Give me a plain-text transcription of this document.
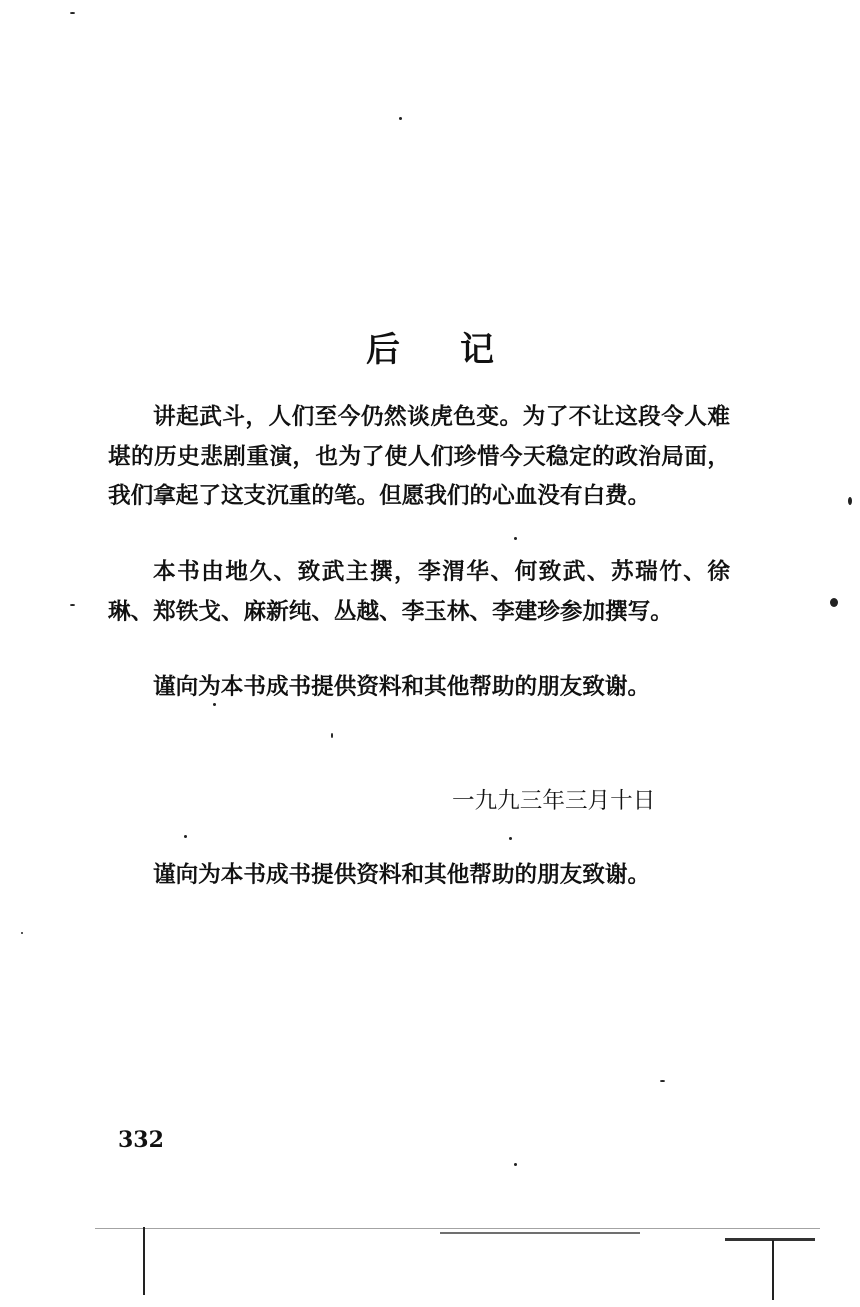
后记

讲起武斗，人们至今仍然谈虎色变。为了不让这段令人难堪的历史悲剧重演，也为了使人们珍惜今天稳定的政治局面，我们拿起了这支沉重的笔。但愿我们的心血没有白费。

本书由地久、致武主撰，李渭华、何致武、苏瑞竹、徐琳、郑铁戈、麻新纯、丛越、李玉林、李建珍参加撰写。

谨向为本书成书提供资料和其他帮助的朋友致谢。
一九九三年三月十日
谨向为本书成书提供资料和其他帮助的朋友致谢。
332
